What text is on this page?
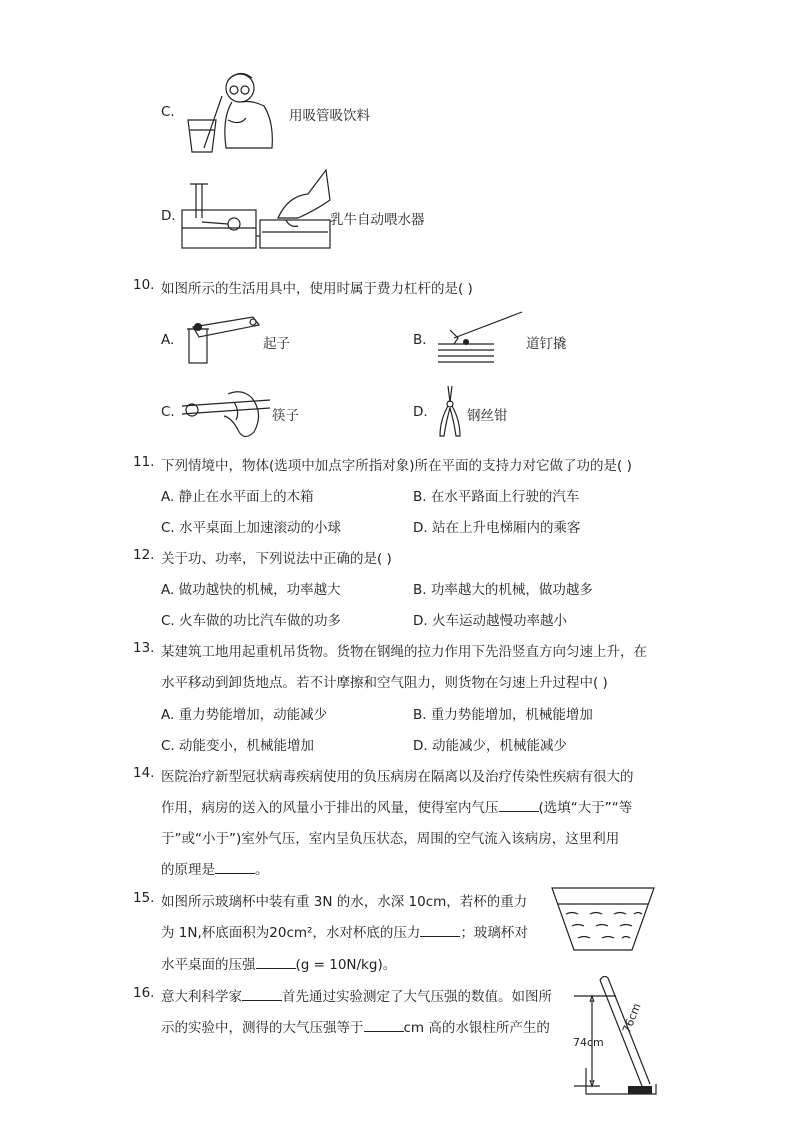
C.	用吸管吸饮料
D.	乳牛自动喂水器
10. 如图所示的生活用具中，使用时属于费力杠杆的是( )
A.	起子	B.	道钉撬
C.	筷子	D.	钢丝钳
11. 下列情境中，物体(选项中加点字所指对象)所在平面的支持力对它做了功的是( )
A. 静止在水平面上的木箱	B. 在水平路面上行驶的汽车
C. 水平桌面上加速滚动的小球	D. 站在上升电梯厢内的乘客
12. 关于功、功率，下列说法中正确的是( )
A. 做功越快的机械，功率越大	B. 功率越大的机械，做功越多
C. 火车做的功比汽车做的功多	D. 火车运动越慢功率越小
13. 某建筑工地用起重机吊货物。货物在钢绳的拉力作用下先沿竖直方向匀速上升，在
水平移动到卸货地点。若不计摩擦和空气阻力，则货物在匀速上升过程中( )
A. 重力势能增加，动能减少	B. 重力势能增加，机械能增加
C. 动能变小，机械能增加	D. 动能减少，机械能减少
14. 医院治疗新型冠状病毒疾病使用的负压病房在隔离以及治疗传染性疾病有很大的
作用，病房的送入的风量小于排出的风量，使得室内气压	(选填“大于”“等
于”或“小于”)室外气压，室内呈负压状态，周围的空气流入该病房，这里利用
的原理是	。
15. 如图所示玻璃杯中装有重 3N 的水，水深 10cm，若杯的重力
为 1N,杯底面积为20cm²，水对杯底的压力	；玻璃杯对
水平桌面的压强	(g = 10N/kg)。
16. 意大利科学家	首先通过实验测定了大气压强的数值。如图所
示的实验中，测得的大气压强等于	cm 高的水银柱所产生的
74cm
76cm
